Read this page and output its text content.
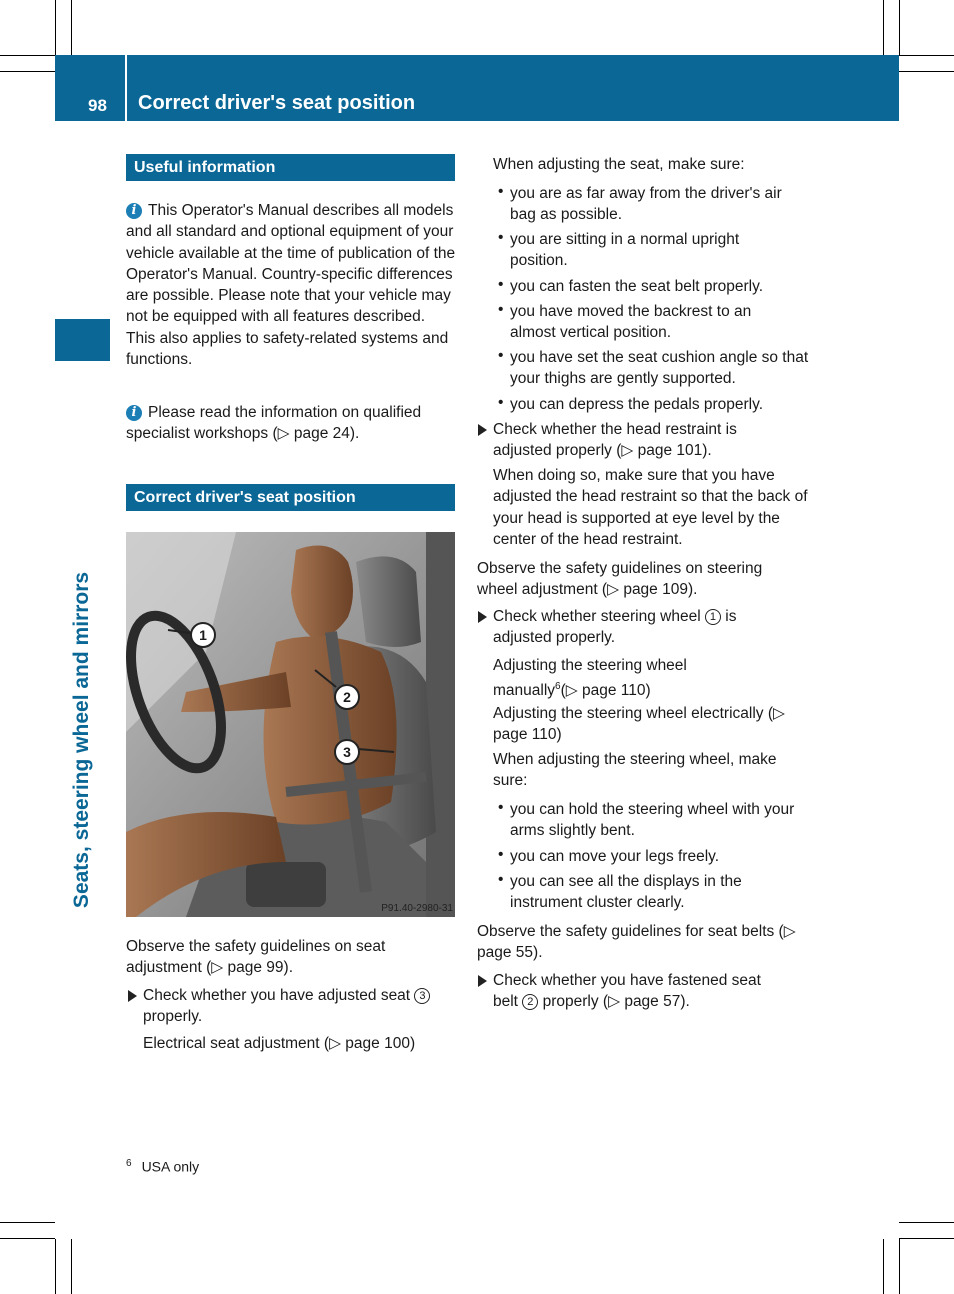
98 Correct driver's seat position
Seats, steering wheel and mirrors
Useful information
i This Operator's Manual describes all models and all standard and optional equipment of your vehicle available at the time of publication of the Operator's Manual. Country-specific differences are possible. Please note that your vehicle may not be equipped with all features described. This also applies to safety-related systems and functions.
i Please read the information on qualified specialist workshops (▷ page 24).
Correct driver's seat position
1
2
3
P91.40-2980-31
Observe the safety guidelines on seat adjustment (▷ page 99).
Check whether you have adjusted seat 3 properly.
Electrical seat adjustment (▷ page 100)
When adjusting the seat, make sure:
• you are as far away from the driver's air bag as possible.
• you are sitting in a normal upright position.
• you can fasten the seat belt properly.
• you have moved the backrest to an almost vertical position.
• you have set the seat cushion angle so that your thighs are gently supported.
• you can depress the pedals properly.
Check whether the head restraint is adjusted properly (▷ page 101).
When doing so, make sure that you have adjusted the head restraint so that the back of your head is supported at eye level by the center of the head restraint.
Observe the safety guidelines on steering wheel adjustment (▷ page 109).
Check whether steering wheel 1 is adjusted properly.
Adjusting the steering wheel manually$^6$(▷ page 110)
Adjusting the steering wheel electrically (▷ page 110)
When adjusting the steering wheel, make sure:
• you can hold the steering wheel with your arms slightly bent.
• you can move your legs freely.
• you can see all the displays in the instrument cluster clearly.
Observe the safety guidelines for seat belts (▷ page 55).
Check whether you have fastened seat belt 2 properly (▷ page 57).
$^6$ USA only
